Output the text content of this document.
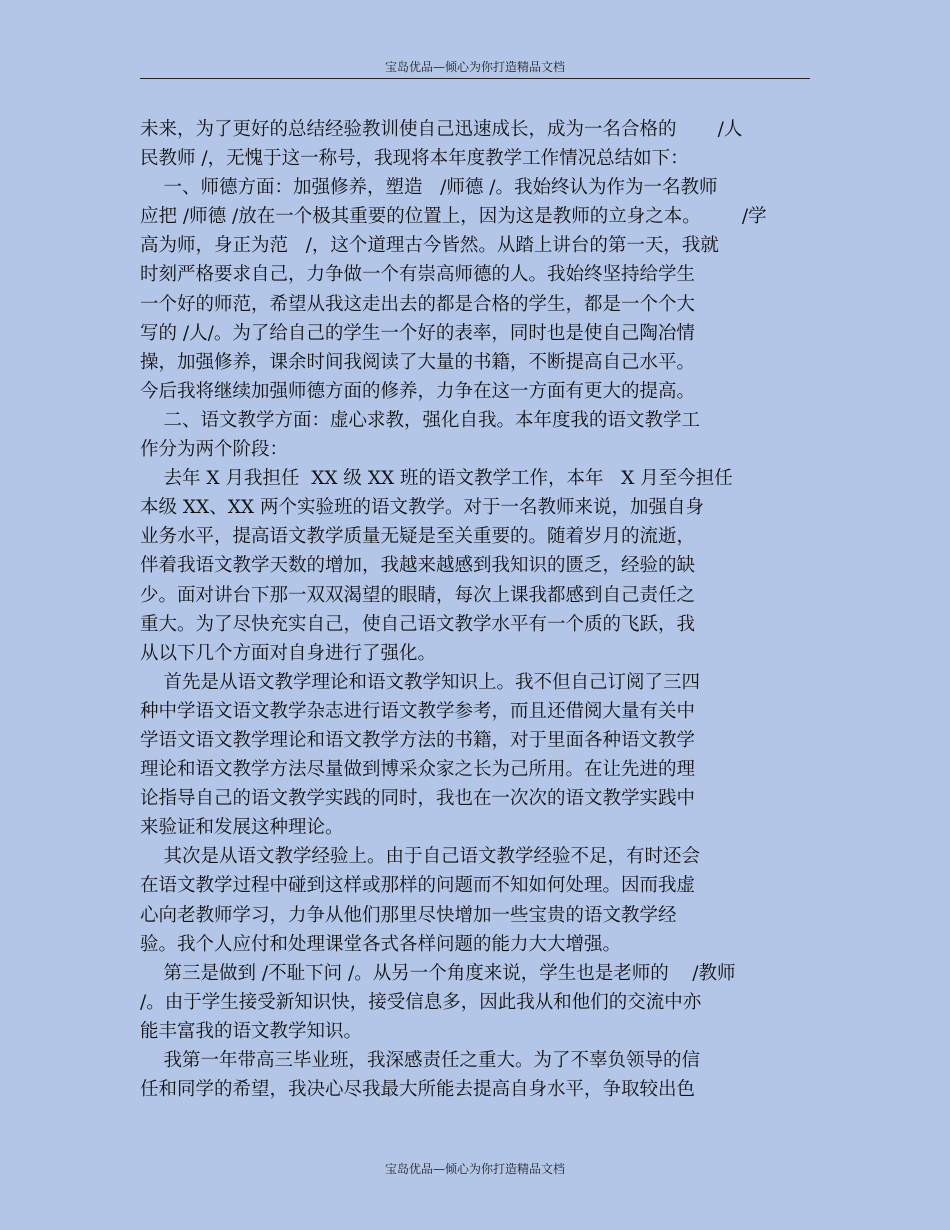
宝岛优品—倾心为你打造精品文档
未来，为了更好的总结经验教训使自己迅速成长，成为一名合格的       /人
民教师 /，无愧于这一称号，我现将本年度教学工作情况总结如下：
一、师德方面：加强修养，塑造   /师德 /。我始终认为作为一名教师
应把 /师德 /放在一个极其重要的位置上，因为这是教师的立身之本。       /学
高为师，身正为范   /，这个道理古今皆然。从踏上讲台的第一天，我就
时刻严格要求自己，力争做一个有崇高师德的人。我始终坚持给学生
一个好的师范，希望从我这走出去的都是合格的学生，都是一个个大
写的 /人/。为了给自己的学生一个好的表率，同时也是使自己陶冶情
操，加强修养，课余时间我阅读了大量的书籍，不断提高自己水平。
今后我将继续加强师德方面的修养，力争在这一方面有更大的提高。
二、语文教学方面：虚心求教，强化自我。本年度我的语文教学工
作分为两个阶段：
去年 X 月我担任  XX 级 XX 班的语文教学工作，本年   X 月至今担任
本级 XX、XX 两个实验班的语文教学。对于一名教师来说，加强自身
业务水平，提高语文教学质量无疑是至关重要的。随着岁月的流逝，
伴着我语文教学天数的增加，我越来越感到我知识的匮乏，经验的缺
少。面对讲台下那一双双渴望的眼睛，每次上课我都感到自己责任之
重大。为了尽快充实自己，使自己语文教学水平有一个质的飞跃，我
从以下几个方面对自身进行了强化。
首先是从语文教学理论和语文教学知识上。我不但自己订阅了三四
种中学语文语文教学杂志进行语文教学参考，而且还借阅大量有关中
学语文语文教学理论和语文教学方法的书籍，对于里面各种语文教学
理论和语文教学方法尽量做到博采众家之长为己所用。在让先进的理
论指导自己的语文教学实践的同时，我也在一次次的语文教学实践中
来验证和发展这种理论。
其次是从语文教学经验上。由于自己语文教学经验不足，有时还会
在语文教学过程中碰到这样或那样的问题而不知如何处理。因而我虚
心向老教师学习，力争从他们那里尽快增加一些宝贵的语文教学经
验。我个人应付和处理课堂各式各样问题的能力大大增强。
第三是做到 /不耻下问 /。从另一个角度来说，学生也是老师的    /教师
/。由于学生接受新知识快，接受信息多，因此我从和他们的交流中亦
能丰富我的语文教学知识。
我第一年带高三毕业班，我深感责任之重大。为了不辜负领导的信
任和同学的希望，我决心尽我最大所能去提高自身水平，争取较出色
宝岛优品—倾心为你打造精品文档
